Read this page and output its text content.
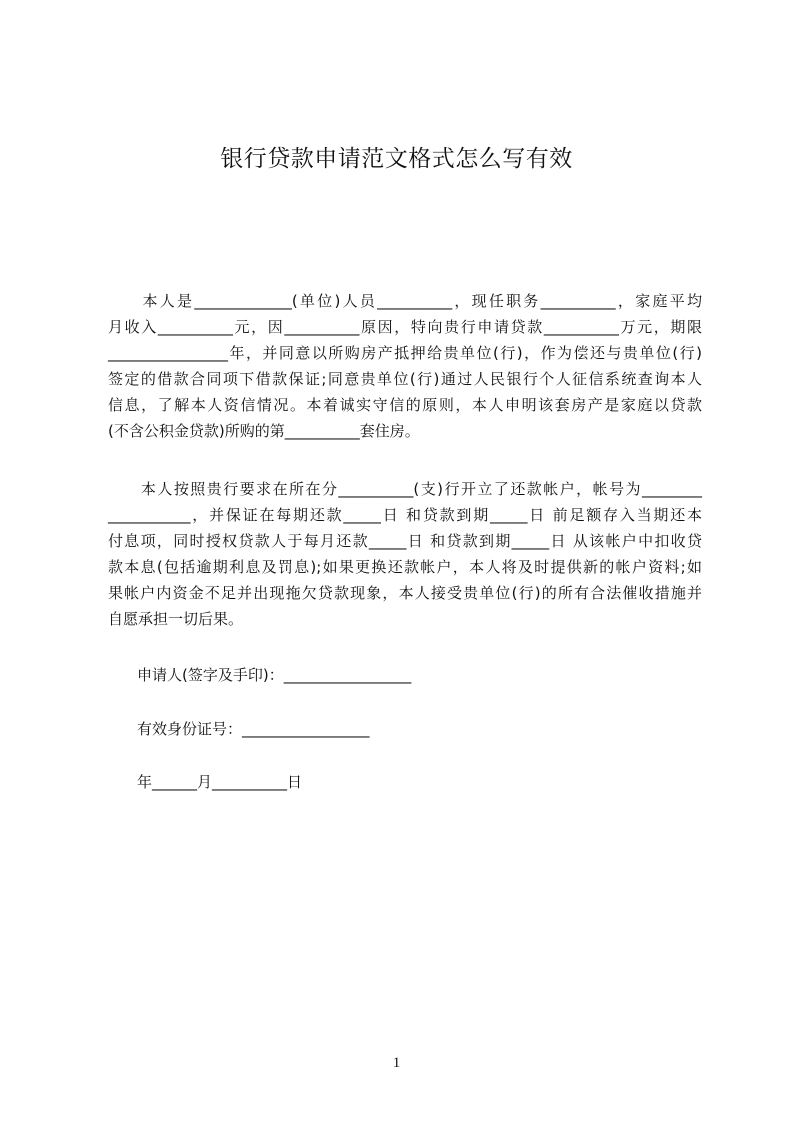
银行贷款申请范文格式怎么写有效
　　本人是_____________(单位)人员__________，现任职务__________，家庭平均
月收入__________元，因__________原因，特向贵行申请贷款__________万元，期限
________________年，并同意以所购房产抵押给贵单位(行)，作为偿还与贵单位(行)
签定的借款合同项下借款保证;同意贵单位(行)通过人民银行个人征信系统查询本人
信息，了解本人资信情况。本着诚实守信的原则，本人申明该套房产是家庭以贷款
(不含公积金贷款)所购的第__________套住房。
　　本人按照贵行要求在所在分__________(支)行开立了还款帐户，帐号为________
___________，并保证在每期还款_____日 和贷款到期_____日 前足额存入当期还本
付息项，同时授权贷款人于每月还款_____日 和贷款到期_____日 从该帐户中扣收贷
款本息(包括逾期利息及罚息);如果更换还款帐户，本人将及时提供新的帐户资料;如
果帐户内资金不足并出现拖欠贷款现象，本人接受贵单位(行)的所有合法催收措施并
自愿承担一切后果。
申请人(签字及手印)：_________________
有效身份证号：_________________
年______月__________日
1
